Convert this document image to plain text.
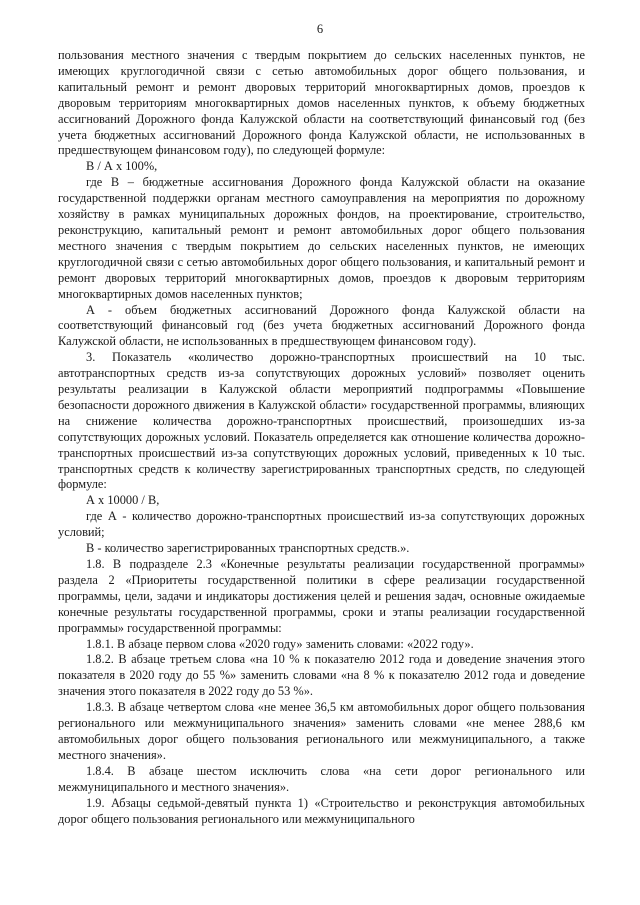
6

пользования местного значения с твердым покрытием до сельских населенных пунктов, не имеющих круглогодичной связи с сетью автомобильных дорог общего пользования, и капитальный ремонт и ремонт дворовых территорий многоквартирных домов, проездов к дворовым территориям многоквартирных домов населенных пунктов, к объему бюджетных ассигнований Дорожного фонда Калужской области на соответствующий финансовый год (без учета бюджетных ассигнований Дорожного фонда Калужской области, не использованных в предшествующем финансовом году), по следующей формуле:

В / А х 100%,

где В – бюджетные ассигнования Дорожного фонда Калужской области на оказание государственной поддержки органам местного самоуправления на мероприятия по дорожному хозяйству в рамках муниципальных дорожных фондов, на проектирование, строительство, реконструкцию, капитальный ремонт и ремонт автомобильных дорог общего пользования местного значения с твердым покрытием до сельских населенных пунктов, не имеющих круглогодичной связи с сетью автомобильных дорог общего пользования, и капитальный ремонт и ремонт дворовых территорий многоквартирных домов, проездов к дворовым территориям многоквартирных домов населенных пунктов;

А - объем бюджетных ассигнований Дорожного фонда Калужской области на соответствующий финансовый год (без учета бюджетных ассигнований Дорожного фонда Калужской области, не использованных в предшествующем финансовом году).

3. Показатель «количество дорожно-транспортных происшествий на 10 тыс. автотранспортных средств из-за сопутствующих дорожных условий» позволяет оценить результаты реализации в Калужской области мероприятий подпрограммы «Повышение безопасности дорожного движения в Калужской области» государственной программы, влияющих на снижение количества дорожно-транспортных происшествий, произошедших из-за сопутствующих дорожных условий. Показатель определяется как отношение количества дорожно-транспортных происшествий из-за сопутствующих дорожных условий, приведенных к 10 тыс. транспортных средств к количеству зарегистрированных транспортных средств, по следующей формуле:

А х 10000 / В,

где А - количество дорожно-транспортных происшествий из-за сопутствующих дорожных условий;

В - количество зарегистрированных транспортных средств.».

1.8. В подразделе 2.3 «Конечные результаты реализации государственной программы» раздела 2 «Приоритеты государственной политики в сфере реализации государственной программы, цели, задачи и индикаторы достижения целей и решения задач, основные ожидаемые конечные результаты государственной программы, сроки и этапы реализации государственной программы» государственной программы:

1.8.1. В абзаце первом слова «2020 году» заменить словами: «2022 году».

1.8.2. В абзаце третьем слова «на 10 % к показателю 2012 года и доведение значения этого показателя в 2020 году до 55 %» заменить словами «на 8 % к показателю 2012 года и доведение значения этого показателя в 2022 году до 53 %».

1.8.3. В абзаце четвертом слова «не менее 36,5 км автомобильных дорог общего пользования регионального или межмуниципального значения» заменить словами «не менее 288,6 км автомобильных дорог общего пользования регионального или межмуниципального, а также местного значения».

1.8.4. В абзаце шестом исключить слова «на сети дорог регионального или межмуниципального и местного значения».

1.9. Абзацы седьмой-девятый пункта 1) «Строительство и реконструкция автомобильных дорог общего пользования регионального или межмуниципального
